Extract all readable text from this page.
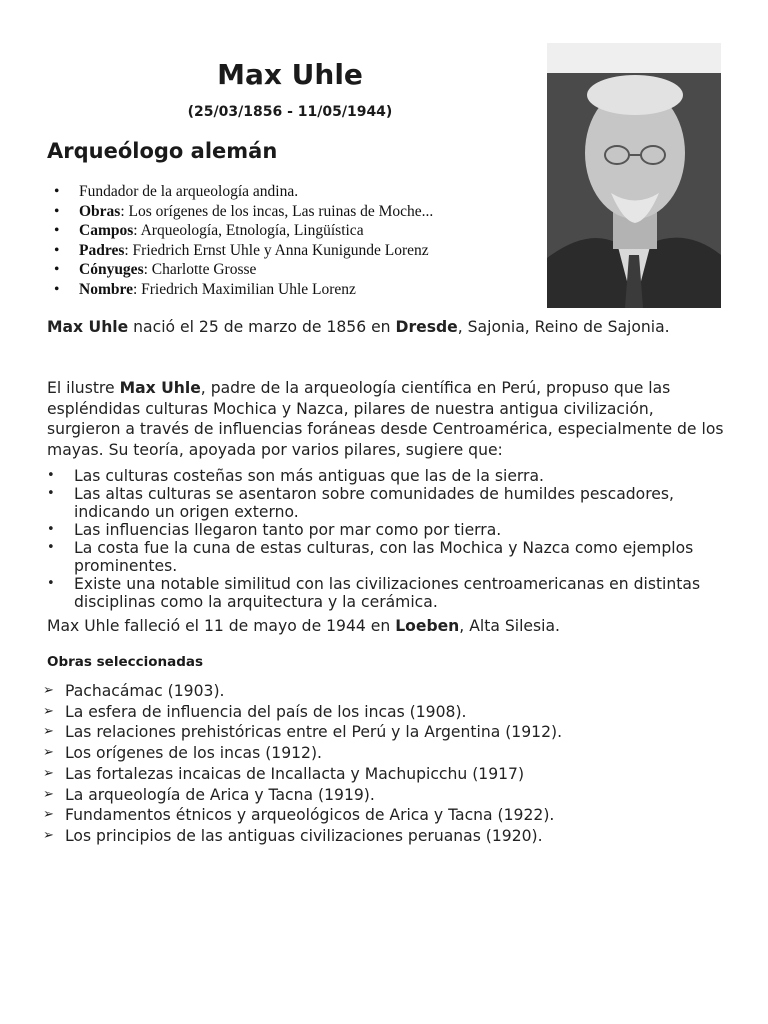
Max Uhle
(25/03/1856 - 11/05/1944)
Arqueólogo alemán
• Fundador de la arqueología andina.
• Obras: Los orígenes de los incas, Las ruinas de Moche...
• Campos: Arqueología, Etnología, Lingüística
• Padres: Friedrich Ernst Uhle y Anna Kunigunde Lorenz
• Cónyuges: Charlotte Grosse
• Nombre: Friedrich Maximilian Uhle Lorenz

Max Uhle nació el 25 de marzo de 1856 en Dresde, Sajonia, Reino de Sajonia.

El ilustre Max Uhle, padre de la arqueología científica en Perú, propuso que las espléndidas culturas Mochica y Nazca, pilares de nuestra antigua civilización, surgieron a través de influencias foráneas desde Centroamérica, especialmente de los mayas. Su teoría, apoyada por varios pilares, sugiere que:

• Las culturas costeñas son más antiguas que las de la sierra.
• Las altas culturas se asentaron sobre comunidades de humildes pescadores, indicando un origen externo.
• Las influencias llegaron tanto por mar como por tierra.
• La costa fue la cuna de estas culturas, con las Mochica y Nazca como ejemplos prominentes.
• Existe una notable similitud con las civilizaciones centroamericanas en distintas disciplinas como la arquitectura y la cerámica.

Max Uhle falleció el 11 de mayo de 1944 en Loeben, Alta Silesia.

Obras seleccionadas
➢ Pachacámac (1903).
➢ La esfera de influencia del país de los incas (1908).
➢ Las relaciones prehistóricas entre el Perú y la Argentina (1912).
➢ Los orígenes de los incas (1912).
➢ Las fortalezas incaicas de Incallacta y Machupicchu (1917)
➢ La arqueología de Arica y Tacna (1919).
➢ Fundamentos étnicos y arqueológicos de Arica y Tacna (1922).
➢ Los principios de las antiguas civilizaciones peruanas (1920).
